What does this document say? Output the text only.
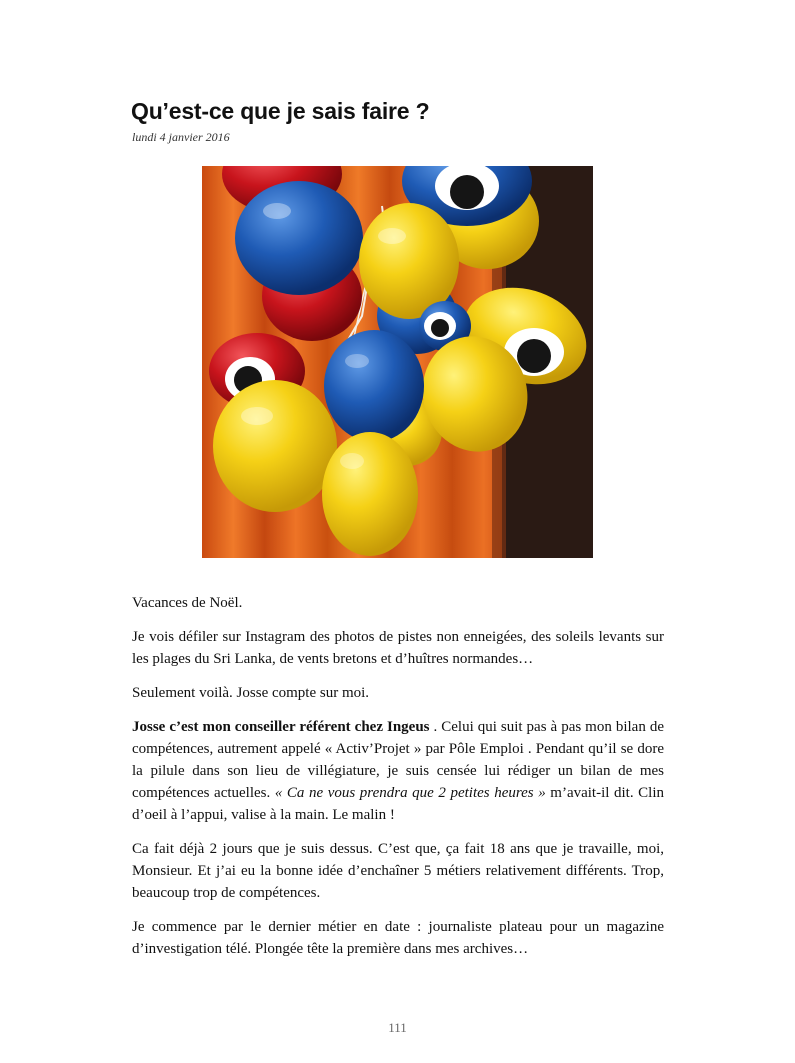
Qu’est-ce que je sais faire ?
lundi 4 janvier 2016

Vacances de Noël.

Je vois défiler sur Instagram des photos de pistes non enneigées, des soleils levants sur les plages du Sri Lanka, de vents bretons et d’huîtres normandes…

Seulement voilà. Josse compte sur moi.

Josse c’est mon conseiller référent chez Ingeus . Celui qui suit pas à pas mon bilan de compétences, autrement appelé « Activ’Projet » par Pôle Emploi . Pendant qu’il se dore la pilule dans son lieu de villégiature, je suis censée lui rédiger un bilan de mes compétences actuelles. « Ca ne vous prendra que 2 petites heures » m’avait-il dit. Clin d’oeil à l’appui, valise à la main. Le malin !

Ca fait déjà 2 jours que je suis dessus. C’est que, ça fait 18 ans que je travaille, moi, Monsieur. Et j’ai eu la bonne idée d’enchaîner 5 métiers relativement différents. Trop, beaucoup trop de compétences.

Je commence par le dernier métier en date : journaliste plateau pour un magazine d’investigation télé. Plongée tête la première dans mes archives…

111
